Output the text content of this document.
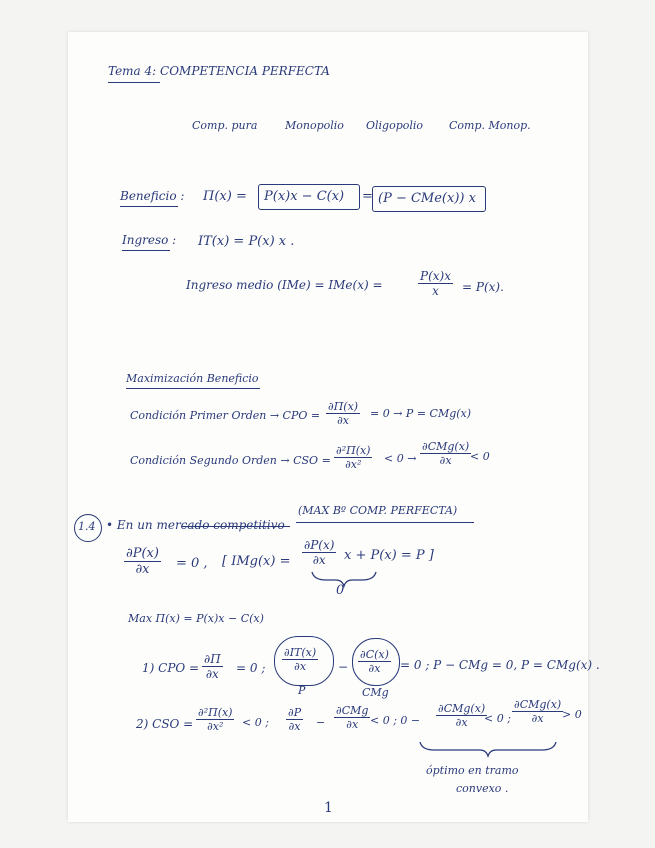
Tema 4: COMPETENCIA PERFECTA
Comp. pura	Monopolio Oligopolio Comp. Monop.
Beneficio : Π(x) = P(x)x − C(x) = (P − CMe(x)) x
Ingreso : IT(x) = P(x) x .
Ingreso medio (IMe) = IMe(x) =	$\frac{P(x)x}{x} = P(x)$.
Maximización Beneficio
Condición Primer Orden → CPO = $\frac{\partial\Pi(x)}{\partial x} = 0 \to P = CMg(x)$
Condición Segundo Orden → CSO = $\frac{\text{∂²Π(x)}}{\text{∂x²}} < 0$ →
∂CMg(x)
∂x	< 0
1.4 • En un mercado competitivo
(MAX Bº COMP. PERFECTA)
$\frac{\partial P(x)}{\partial x} = 0$ , [ $IMg(x) = \frac{\partial P(x)}{\partial x}$ x + P(x) = P ]
0
Max Π(x) = P(x)x − C(x)
1) CPO = $\frac{\partial\Pi}{\partial x} = 0$ ; $\frac{\partial IT(x)}{\partial x}$
P
− $\frac{\partial C(x)}{\partial x}$
CMg
= 0 ; P − CMg = 0, P = CMg(x) .
2) CSO = $\frac{\text{∂²Π(x)}}{\text{∂x²}} < 0$ ; $\frac{\partial P}{\partial x}$ −
∂CMg
∂x	< 0 ; 0 −
∂CMg(x)
∂x	< 0 ;
∂CMg(x)
∂x	> 0
óptimo en tramo
convexo .
1
